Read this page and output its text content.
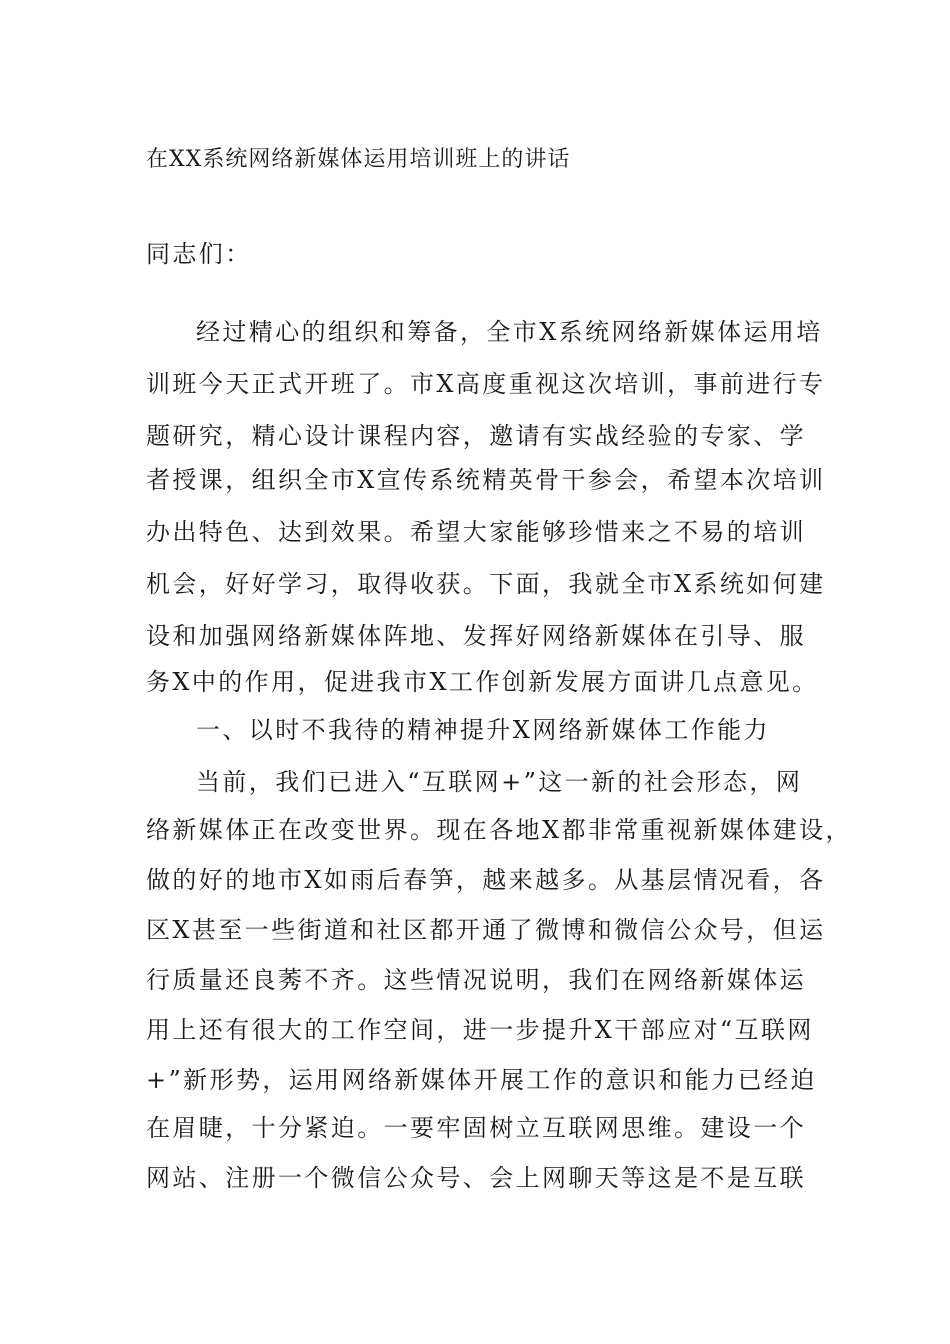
在XX系统网络新媒体运用培训班上的讲话
同志们：
经过精心的组织和筹备，全市X系统网络新媒体运用培
训班今天正式开班了。市X高度重视这次培训，事前进行专
题研究，精心设计课程内容，邀请有实战经验的专家、学
者授课，组织全市X宣传系统精英骨干参会，希望本次培训
办出特色、达到效果。希望大家能够珍惜来之不易的培训
机会，好好学习，取得收获。下面，我就全市X系统如何建
设和加强网络新媒体阵地、发挥好网络新媒体在引导、服
务X中的作用，促进我市X工作创新发展方面讲几点意见。
一、以时不我待的精神提升X网络新媒体工作能力
当前，我们已进入“互联网+”这一新的社会形态，网
络新媒体正在改变世界。现在各地X都非常重视新媒体建设，
做的好的地市X如雨后春笋，越来越多。从基层情况看，各
区X甚至一些街道和社区都开通了微博和微信公众号，但运
行质量还良莠不齐。这些情况说明，我们在网络新媒体运
用上还有很大的工作空间，进一步提升X干部应对“互联网
+”新形势，运用网络新媒体开展工作的意识和能力已经迫
在眉睫，十分紧迫。一要牢固树立互联网思维。建设一个
网站、注册一个微信公众号、会上网聊天等这是不是互联
